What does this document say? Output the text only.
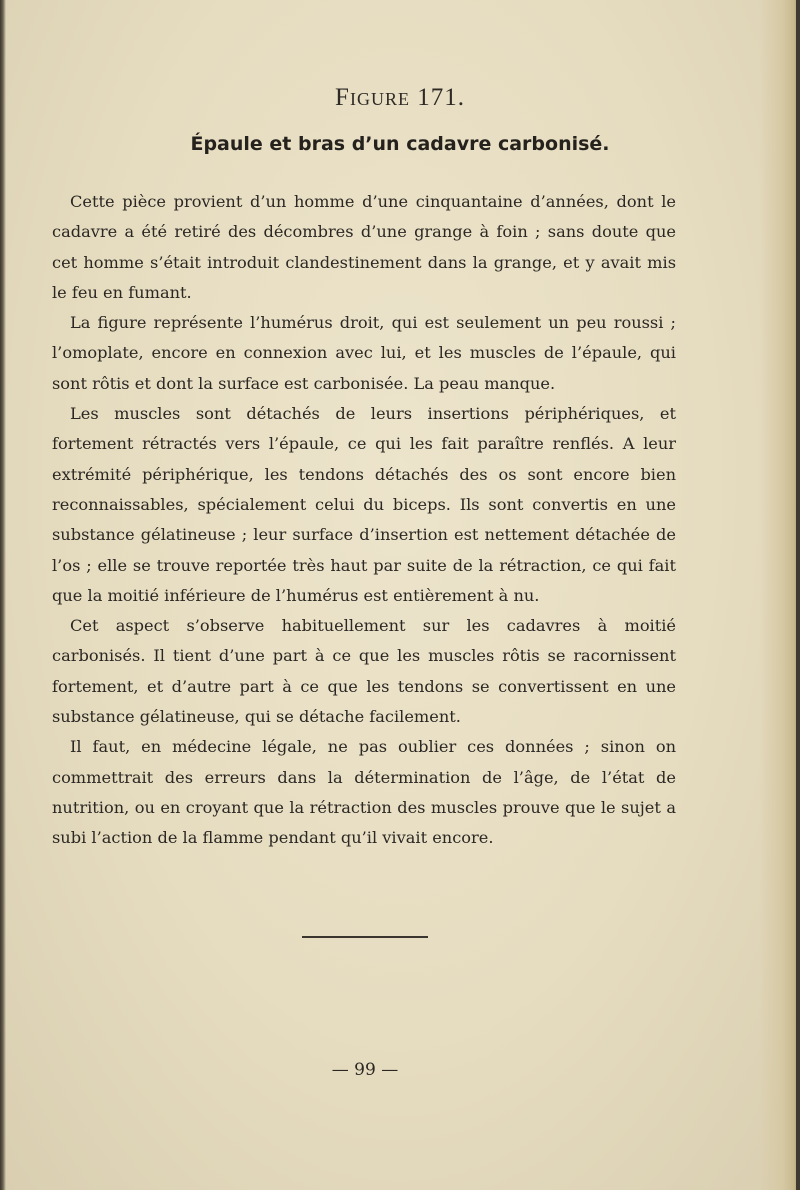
Figure 171.
Épaule et bras d’un cadavre carbonisé.

Cette pièce provient d’un homme d’une cinquantaine d’années, dont le cadavre a été retiré des décombres d’une grange à foin ; sans doute que cet homme s’était introduit clandestinement dans la grange, et y avait mis le feu en fumant.

La figure représente l’humérus droit, qui est seulement un peu roussi ; l’omoplate, encore en connexion avec lui, et les muscles de l’épaule, qui sont rôtis et dont la surface est carbonisée. La peau manque.

Les muscles sont détachés de leurs insertions périphériques, et fortement rétractés vers l’épaule, ce qui les fait paraître renflés. A leur extrémité périphérique, les tendons détachés des os sont encore bien reconnaissables, spécialement celui du biceps. Ils sont convertis en une substance gélatineuse ; leur surface d’insertion est nettement détachée de l’os ; elle se trouve reportée très haut par suite de la rétraction, ce qui fait que la moitié inférieure de l’humérus est entièrement à nu.

Cet aspect s’observe habituellement sur les cadavres à moitié carbonisés. Il tient d’une part à ce que les muscles rôtis se racornissent fortement, et d’autre part à ce que les tendons se convertissent en une substance gélatineuse, qui se détache facilement.

Il faut, en médecine légale, ne pas oublier ces données ; sinon on commettrait des erreurs dans la détermination de l’âge, de l’état de nutrition, ou en croyant que la rétraction des muscles prouve que le sujet a subi l’action de la flamme pendant qu’il vivait encore.

— 99 —
